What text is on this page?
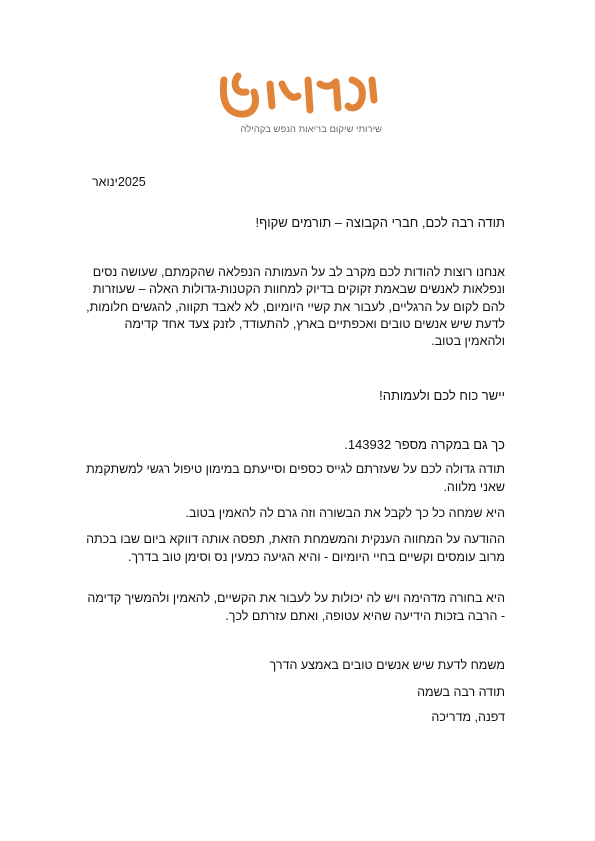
שירותי שיקום בריאות הנפש בקהילה
2025ינואר

תודה רבה לכם, חברי הקבוצה – תורמים שקוף!

אנחנו רוצות להודות לכם מקרב לב על העמותה הנפלאה שהקמתם, שעושה נסים ונפלאות לאנשים שבאמת זקוקים בדיוק למחוות הקטנות-גדולות האלה – שעוזרות להם לקום על הרגליים, לעבור את קשיי היומיום, לא לאבד תקווה, להגשים חלומות, לדעת שיש אנשים טובים ואכפתיים בארץ, להתעודד, לזנק צעד אחד קדימה ולהאמין בטוב.

יישר כוח לכם ולעמותה!

כך גם במקרה מספר 143932.

תודה גדולה לכם על שעזרתם לגייס כספים וסייעתם במימון טיפול רגשי למשתקמת שאני מלווה.

היא שמחה כל כך לקבל את הבשורה וזה גרם לה להאמין בטוב.

ההודעה על המחווה הענקית והמשמחת הזאת, תפסה אותה דווקא ביום שבו בכתה מרוב עומסים וקשיים בחיי היומיום - והיא הגיעה כמעין נס וסימן טוב בדרך.

היא בחורה מדהימה ויש לה יכולות על לעבור את הקשיים, להאמין ולהמשיך קדימה - הרבה בזכות הידיעה שהיא עטופה, ואתם עזרתם לכך.

משמח לדעת שיש אנשים טובים באמצע הדרך

תודה רבה בשמה

דפנה, מדריכה
